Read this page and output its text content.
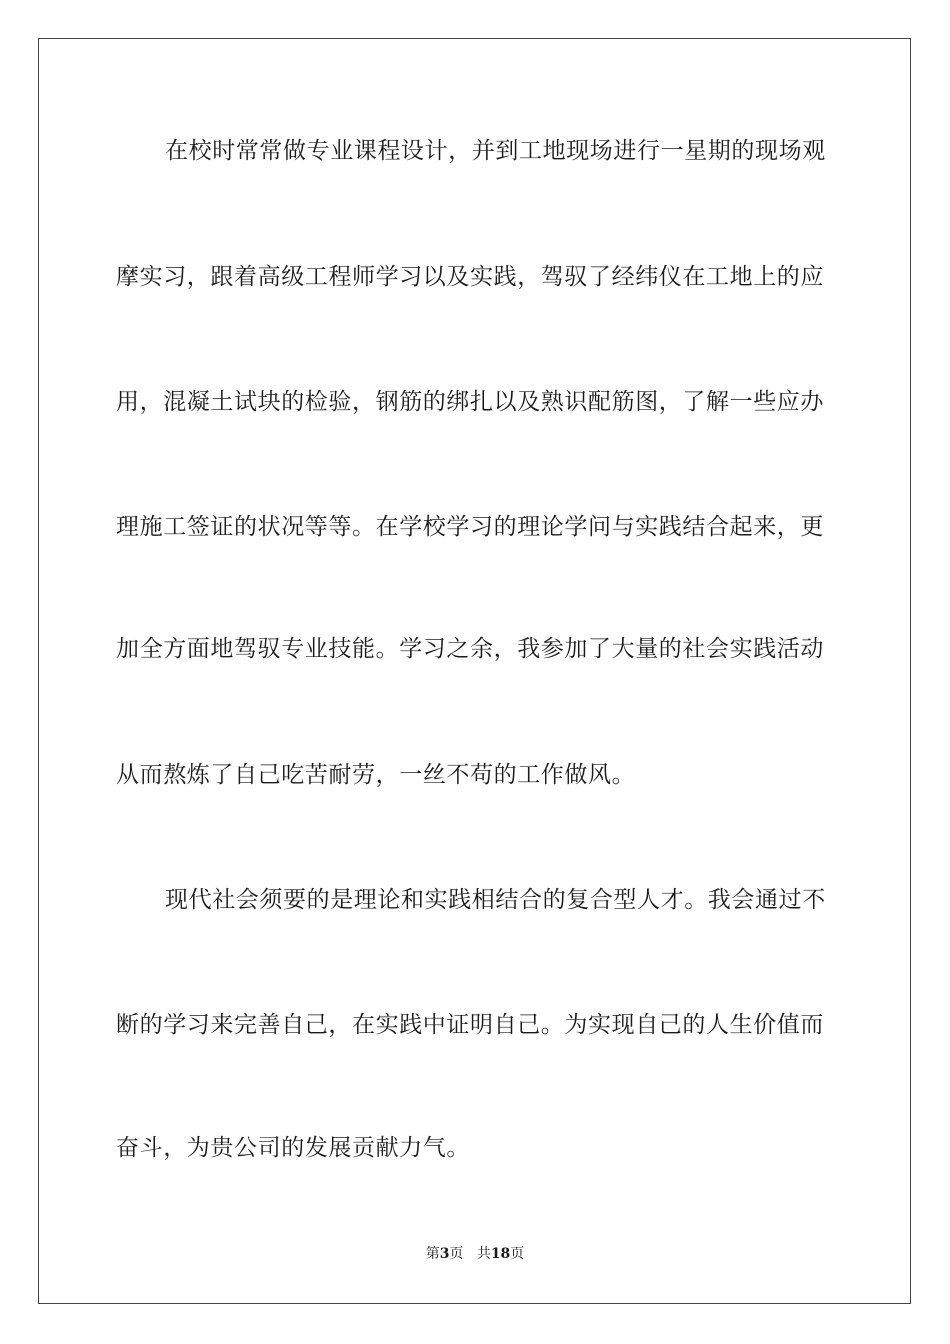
在校时常常做专业课程设计，并到工地现场进行一星期的现场观
摩实习，跟着高级工程师学习以及实践，驾驭了经纬仪在工地上的应
用，混凝土试块的检验，钢筋的绑扎以及熟识配筋图，了解一些应办
理施工签证的状况等等。在学校学习的理论学问与实践结合起来，更
加全方面地驾驭专业技能。学习之余，我参加了大量的社会实践活动
从而熬炼了自己吃苦耐劳，一丝不苟的工作做风。
现代社会须要的是理论和实践相结合的复合型人才。我会通过不
断的学习来完善自己，在实践中证明自己。为实现自己的人生价值而
奋斗，为贵公司的发展贡献力气。
第3页 共18页
